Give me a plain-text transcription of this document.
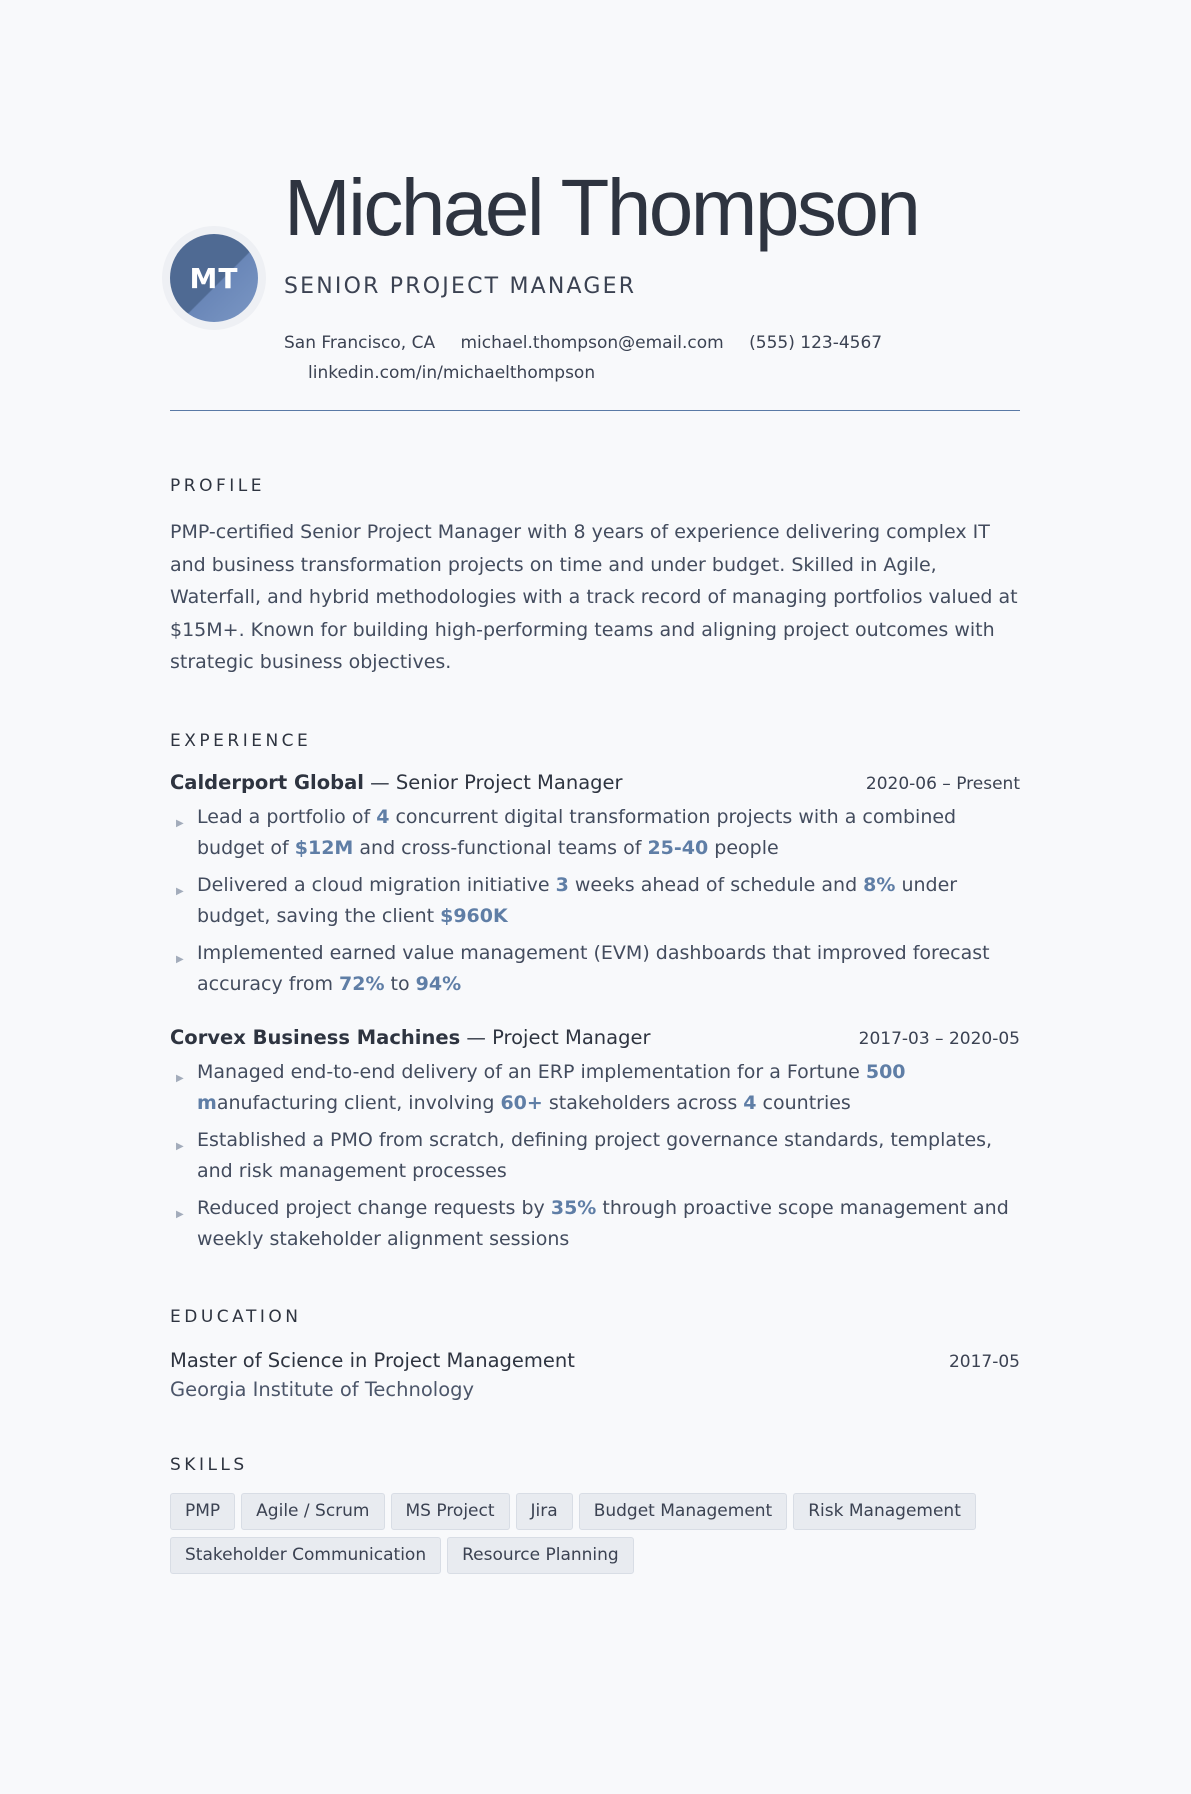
MT
Michael Thompson
SENIOR PROJECT MANAGER
San Francisco, CA michael.thompson@email.com (555) 123-4567
linkedin.com/in/michaelthompson
PROFILE

PMP-certified Senior Project Manager with 8 years of experience delivering complex IT and business transformation projects on time and under budget. Skilled in Agile, Waterfall, and hybrid methodologies with a track record of managing portfolios valued at $15M+. Known for building high-performing teams and aligning project outcomes with strategic business objectives.

EXPERIENCE
Calderport Global — Senior Project Manager	2020-06 – Present
▶ Lead a portfolio of 4 concurrent digital transformation projects with a combined budget of $12M and cross-functional teams of 25-40 people
▶ Delivered a cloud migration initiative 3 weeks ahead of schedule and 8% under budget, saving the client $960K
▶ Implemented earned value management (EVM) dashboards that improved forecast accuracy from 72% to 94%
Corvex Business Machines — Project Manager	2017-03 – 2020-05
▶ Managed end-to-end delivery of an ERP implementation for a Fortune 500 manufacturing client, involving 60+ stakeholders across 4 countries
▶ Established a PMO from scratch, defining project governance standards, templates, and risk management processes
▶ Reduced project change requests by 35% through proactive scope management and weekly stakeholder alignment sessions
EDUCATION
Master of Science in Project Management	2017-05
Georgia Institute of Technology
SKILLS
PMP	Agile / Scrum	MS Project	Jira	Budget Management	Risk Management
Stakeholder Communication	Resource Planning
